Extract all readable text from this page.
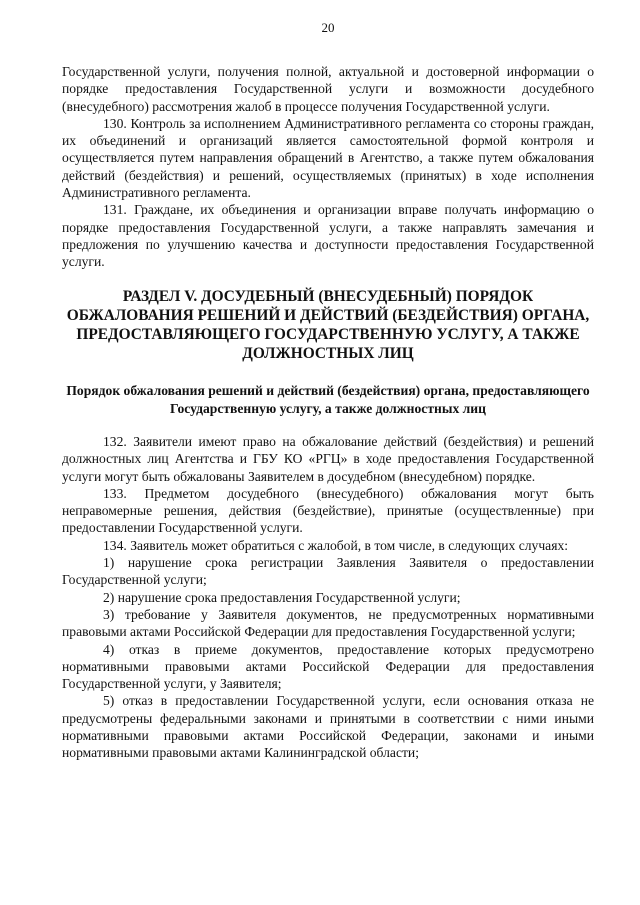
20

Государственной услуги, получения полной, актуальной и достоверной информации о порядке предоставления Государственной услуги и возможности досудебного (внесудебного) рассмотрения жалоб в процессе получения Государственной услуги.

130. Контроль за исполнением Административного регламента со стороны граждан, их объединений и организаций является самостоятельной формой контроля и осуществляется путем направления обращений в Агентство, а также путем обжалования действий (бездействия) и решений, осуществляемых (принятых) в ходе исполнения Административного регламента.

131. Граждане, их объединения и организации вправе получать информацию о порядке предоставления Государственной услуги, а также направлять замечания и предложения по улучшению качества и доступности предоставления Государственной услуги.

РАЗДЕЛ V. ДОСУДЕБНЫЙ (ВНЕСУДЕБНЫЙ) ПОРЯДОК ОБЖАЛОВАНИЯ РЕШЕНИЙ И ДЕЙСТВИЙ (БЕЗДЕЙСТВИЯ) ОРГАНА, ПРЕДОСТАВЛЯЮЩЕГО ГОСУДАРСТВЕННУЮ УСЛУГУ, А ТАКЖЕ ДОЛЖНОСТНЫХ ЛИЦ
Порядок обжалования решений и действий (бездействия) органа, предоставляющего Государственную услугу, а также должностных лиц

132. Заявители имеют право на обжалование действий (бездействия) и решений должностных лиц Агентства и ГБУ КО «РГЦ» в ходе предоставления Государственной услуги могут быть обжалованы Заявителем в досудебном (внесудебном) порядке.

133. Предметом досудебного (внесудебного) обжалования могут быть неправомерные решения, действия (бездействие), принятые (осуществленные) при предоставлении Государственной услуги.

134. Заявитель может обратиться с жалобой, в том числе, в следующих случаях:

1) нарушение срока регистрации Заявления Заявителя о предоставлении Государственной услуги;

2) нарушение срока предоставления Государственной услуги;

3) требование у Заявителя документов, не предусмотренных нормативными правовыми актами Российской Федерации для предоставления Государственной услуги;

4) отказ в приеме документов, предоставление которых предусмотрено нормативными правовыми актами Российской Федерации для предоставления Государственной услуги, у Заявителя;

5) отказ в предоставлении Государственной услуги, если основания отказа не предусмотрены федеральными законами и принятыми в соответствии с ними иными нормативными правовыми актами Российской Федерации, законами и иными нормативными правовыми актами Калининградской области;
